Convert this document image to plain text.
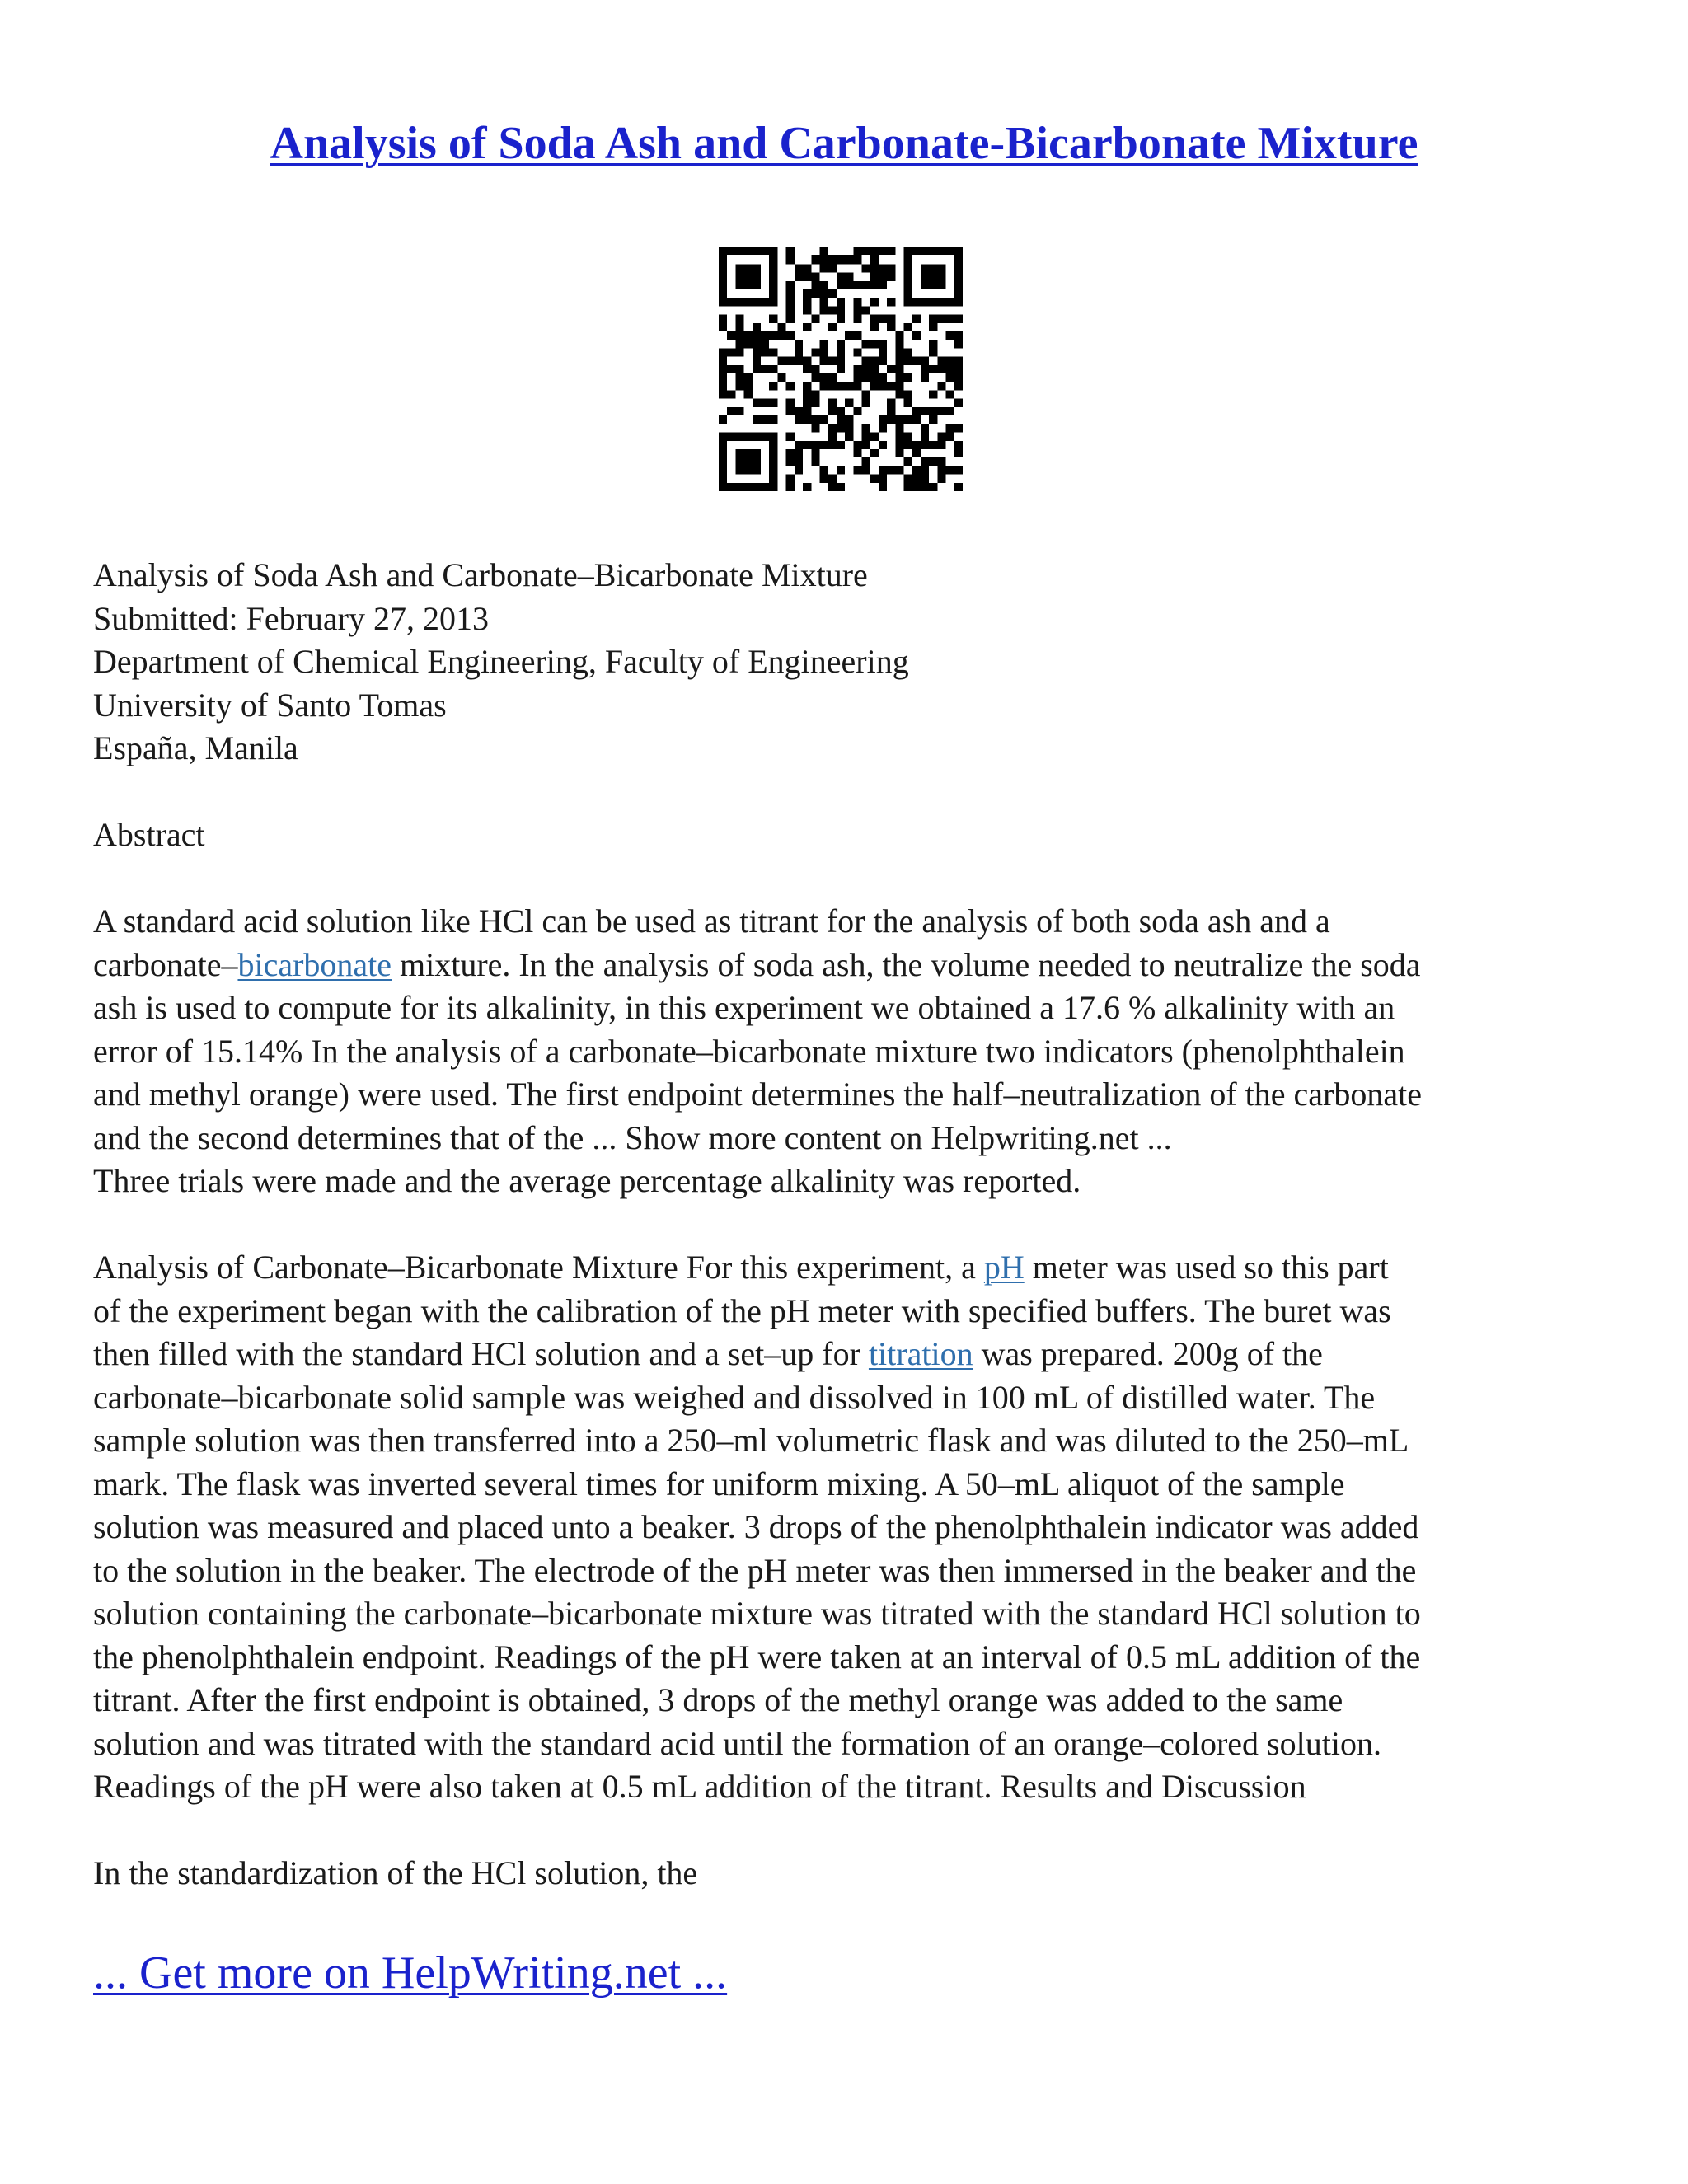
Analysis of Soda Ash and Carbonate-Bicarbonate Mixture
Analysis of Soda Ash and Carbonate–Bicarbonate Mixture
Submitted: February 27, 2013
Department of Chemical Engineering, Faculty of Engineering
University of Santo Tomas
España, Manila
Abstract
A standard acid solution like HCl can be used as titrant for the analysis of both soda ash and a
carbonate–bicarbonate mixture. In the analysis of soda ash, the volume needed to neutralize the soda
ash is used to compute for its alkalinity, in this experiment we obtained a 17.6 % alkalinity with an
error of 15.14% In the analysis of a carbonate–bicarbonate mixture two indicators (phenolphthalein
and methyl orange) were used. The first endpoint determines the half–neutralization of the carbonate
and the second determines that of the ... Show more content on Helpwriting.net ...
Three trials were made and the average percentage alkalinity was reported.
Analysis of Carbonate–Bicarbonate Mixture For this experiment, a pH meter was used so this part
of the experiment began with the calibration of the pH meter with specified buffers. The buret was
then filled with the standard HCl solution and a set–up for titration was prepared. 200g of the
carbonate–bicarbonate solid sample was weighed and dissolved in 100 mL of distilled water. The
sample solution was then transferred into a 250–ml volumetric flask and was diluted to the 250–mL
mark. The flask was inverted several times for uniform mixing. A 50–mL aliquot of the sample
solution was measured and placed unto a beaker. 3 drops of the phenolphthalein indicator was added
to the solution in the beaker. The electrode of the pH meter was then immersed in the beaker and the
solution containing the carbonate–bicarbonate mixture was titrated with the standard HCl solution to
the phenolphthalein endpoint. Readings of the pH were taken at an interval of 0.5 mL addition of the
titrant. After the first endpoint is obtained, 3 drops of the methyl orange was added to the same
solution and was titrated with the standard acid until the formation of an orange–colored solution.
Readings of the pH were also taken at 0.5 mL addition of the titrant. Results and Discussion
In the standardization of the HCl solution, the
... Get more on HelpWriting.net ...
